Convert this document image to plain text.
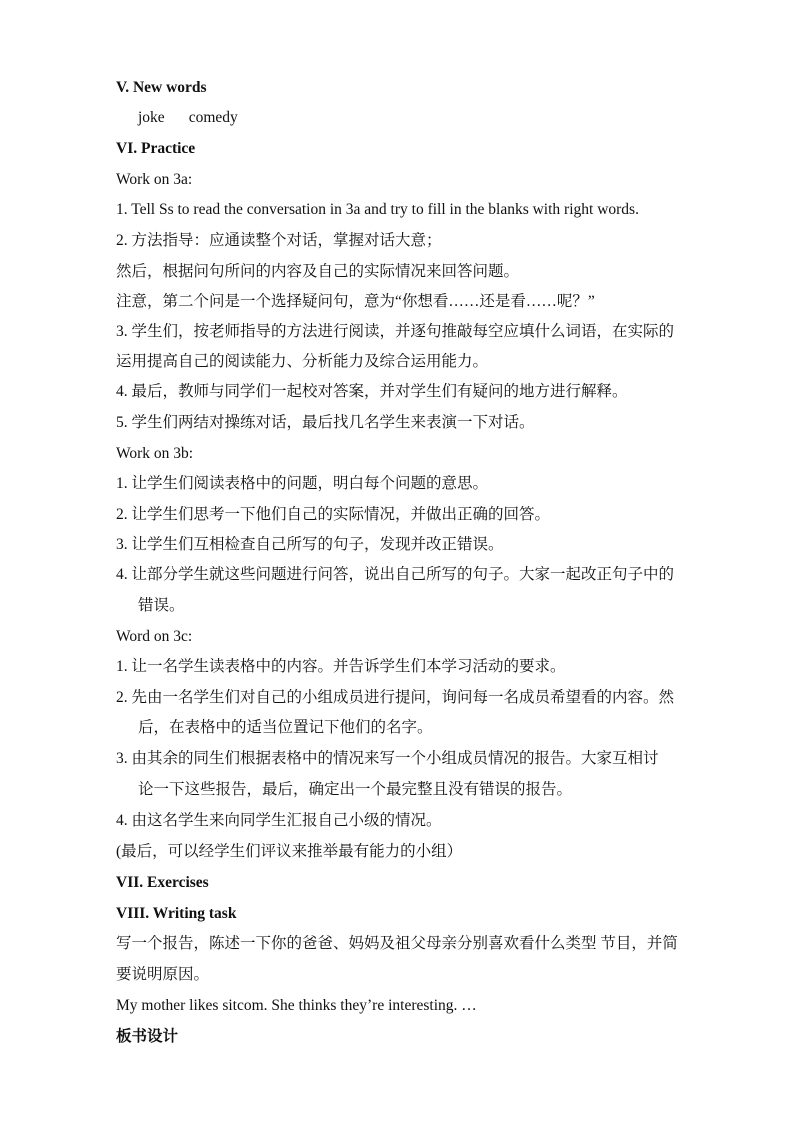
V. New words
joke comedy
VI. Practice
Work on 3a:
1. Tell Ss to read the conversation in 3a and try to fill in the blanks with right words.
2. 方法指导：应通读整个对话，掌握对话大意；
然后，根据问句所问的内容及自己的实际情况来回答问题。
注意，第二个问是一个选择疑问句，意为“你想看……还是看……呢？”
3. 学生们，按老师指导的方法进行阅读，并逐句推敲每空应填什么词语，在实际的
运用提高自己的阅读能力、分析能力及综合运用能力。
4. 最后，教师与同学们一起校对答案，并对学生们有疑问的地方进行解释。
5. 学生们两结对操练对话，最后找几名学生来表演一下对话。
Work on 3b:
1. 让学生们阅读表格中的问题，明白每个问题的意思。
2. 让学生们思考一下他们自己的实际情况，并做出正确的回答。
3. 让学生们互相检查自己所写的句子，发现并改正错误。
4. 让部分学生就这些问题进行问答，说出自己所写的句子。大家一起改正句子中的
错误。
Word on 3c:
1. 让一名学生读表格中的内容。并告诉学生们本学习活动的要求。
2. 先由一名学生们对自己的小组成员进行提问，询问每一名成员希望看的内容。然
后，在表格中的适当位置记下他们的名字。
3. 由其余的同生们根据表格中的情况来写一个小组成员情况的报告。大家互相讨
论一下这些报告，最后，确定出一个最完整且没有错误的报告。
4. 由这名学生来向同学生汇报自己小级的情况。
(最后，可以经学生们评议来推举最有能力的小组）
VII. Exercises
VIII. Writing task
写一个报告，陈述一下你的爸爸、妈妈及祖父母亲分别喜欢看什么类型 节目，并简
要说明原因。
My mother likes sitcom. She thinks they’re interesting. …
板书设计
